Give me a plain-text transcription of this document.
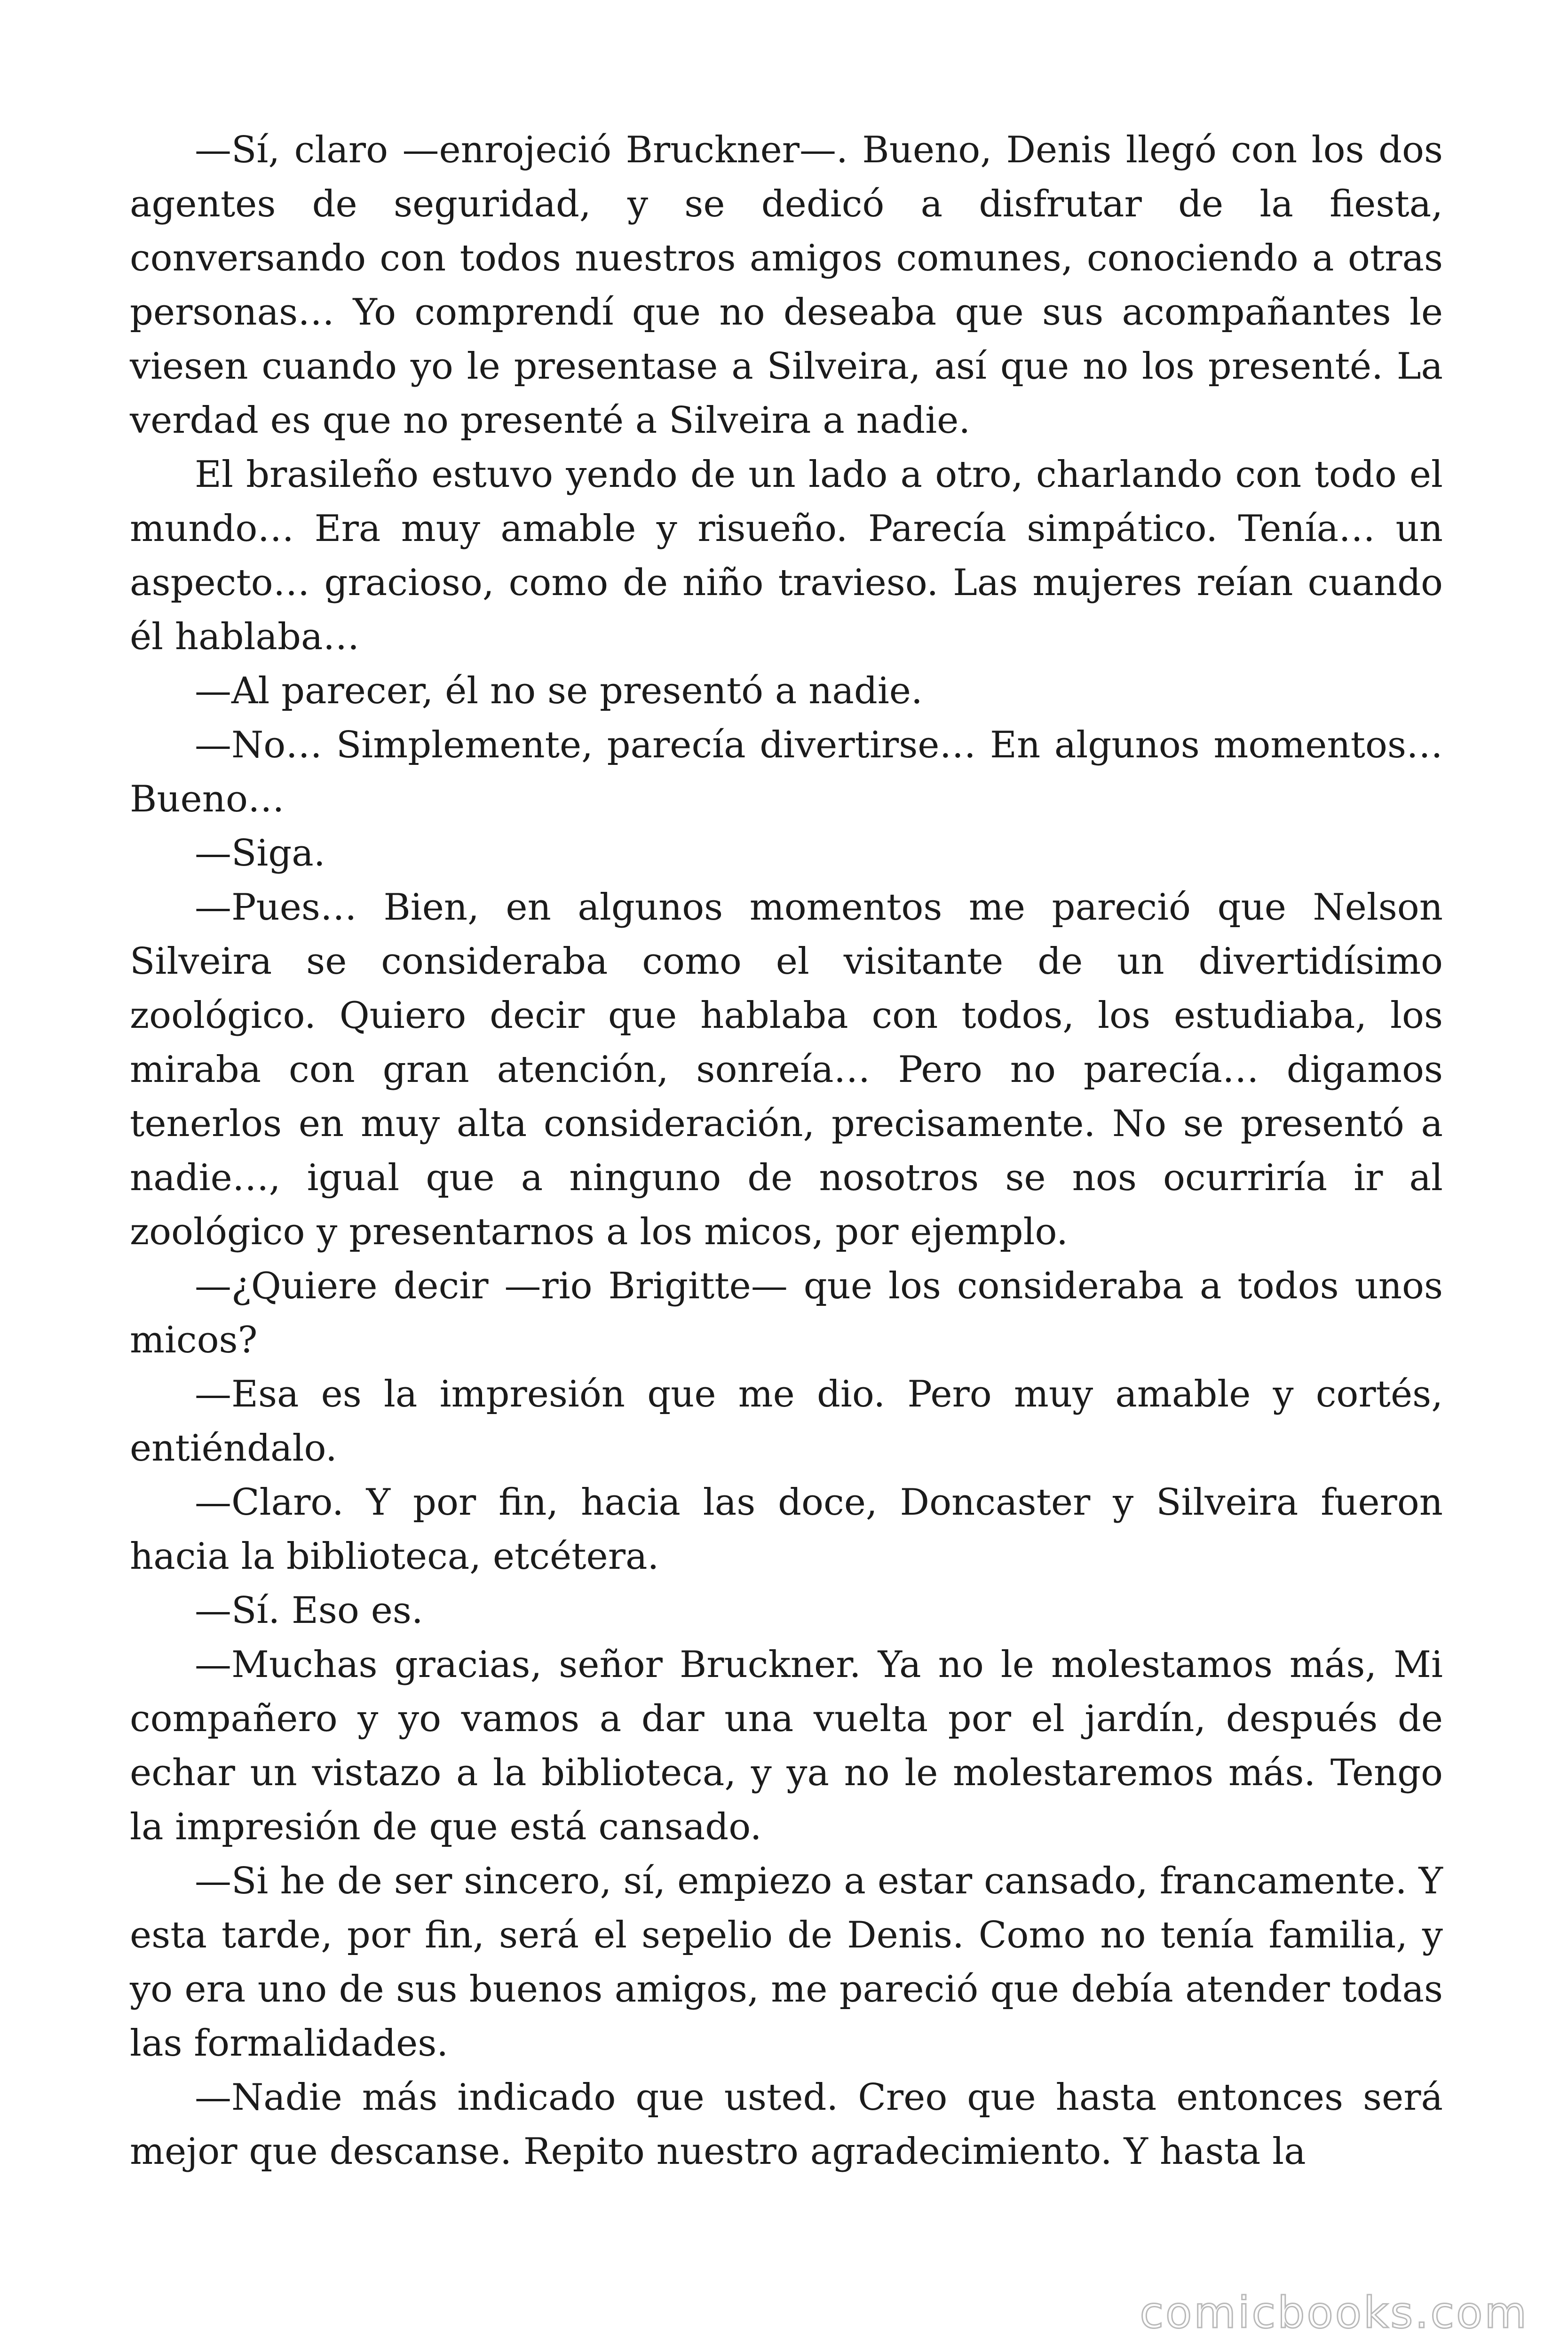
—Sí, claro —enrojeció Bruckner—. Bueno, Denis llegó con los dos agentes de seguridad, y se dedicó a disfrutar de la fiesta, conversando con todos nuestros amigos comunes, conociendo a otras personas… Yo comprendí que no deseaba que sus acompañantes le viesen cuando yo le presentase a Silveira, así que no los presenté. La verdad es que no presenté a Silveira a nadie.

El brasileño estuvo yendo de un lado a otro, charlando con todo el mundo… Era muy amable y risueño. Parecía simpático. Tenía… un aspecto… gracioso, como de niño travieso. Las mujeres reían cuando él hablaba…

—Al parecer, él no se presentó a nadie.

—No… Simplemente, parecía divertirse… En algunos momentos… Bueno…

—Siga.

—Pues… Bien, en algunos momentos me pareció que Nelson Silveira se consideraba como el visitante de un divertidísimo zoológico. Quiero decir que hablaba con todos, los estudiaba, los miraba con gran atención, sonreía… Pero no parecía… digamos tenerlos en muy alta consideración, precisamente. No se presentó a nadie…, igual que a ninguno de nosotros se nos ocurriría ir al zoológico y presentarnos a los micos, por ejemplo.

—¿Quiere decir —rio Brigitte— que los consideraba a todos unos micos?

—Esa es la impresión que me dio. Pero muy amable y cortés, entiéndalo.

—Claro. Y por fin, hacia las doce, Doncaster y Silveira fueron hacia la biblioteca, etcétera.

—Sí. Eso es.

—Muchas gracias, señor Bruckner. Ya no le molestamos más, Mi compañero y yo vamos a dar una vuelta por el jardín, después de echar un vistazo a la biblioteca, y ya no le molestaremos más. Tengo la impresión de que está cansado.

—Si he de ser sincero, sí, empiezo a estar cansado, francamente. Y esta tarde, por fin, será el sepelio de Denis. Como no tenía familia, y yo era uno de sus buenos amigos, me pareció que debía atender todas las formalidades.

—Nadie más indicado que usted. Creo que hasta entonces será mejor que descanse. Repito nuestro agradecimiento. Y hasta la

comicbooks.com
